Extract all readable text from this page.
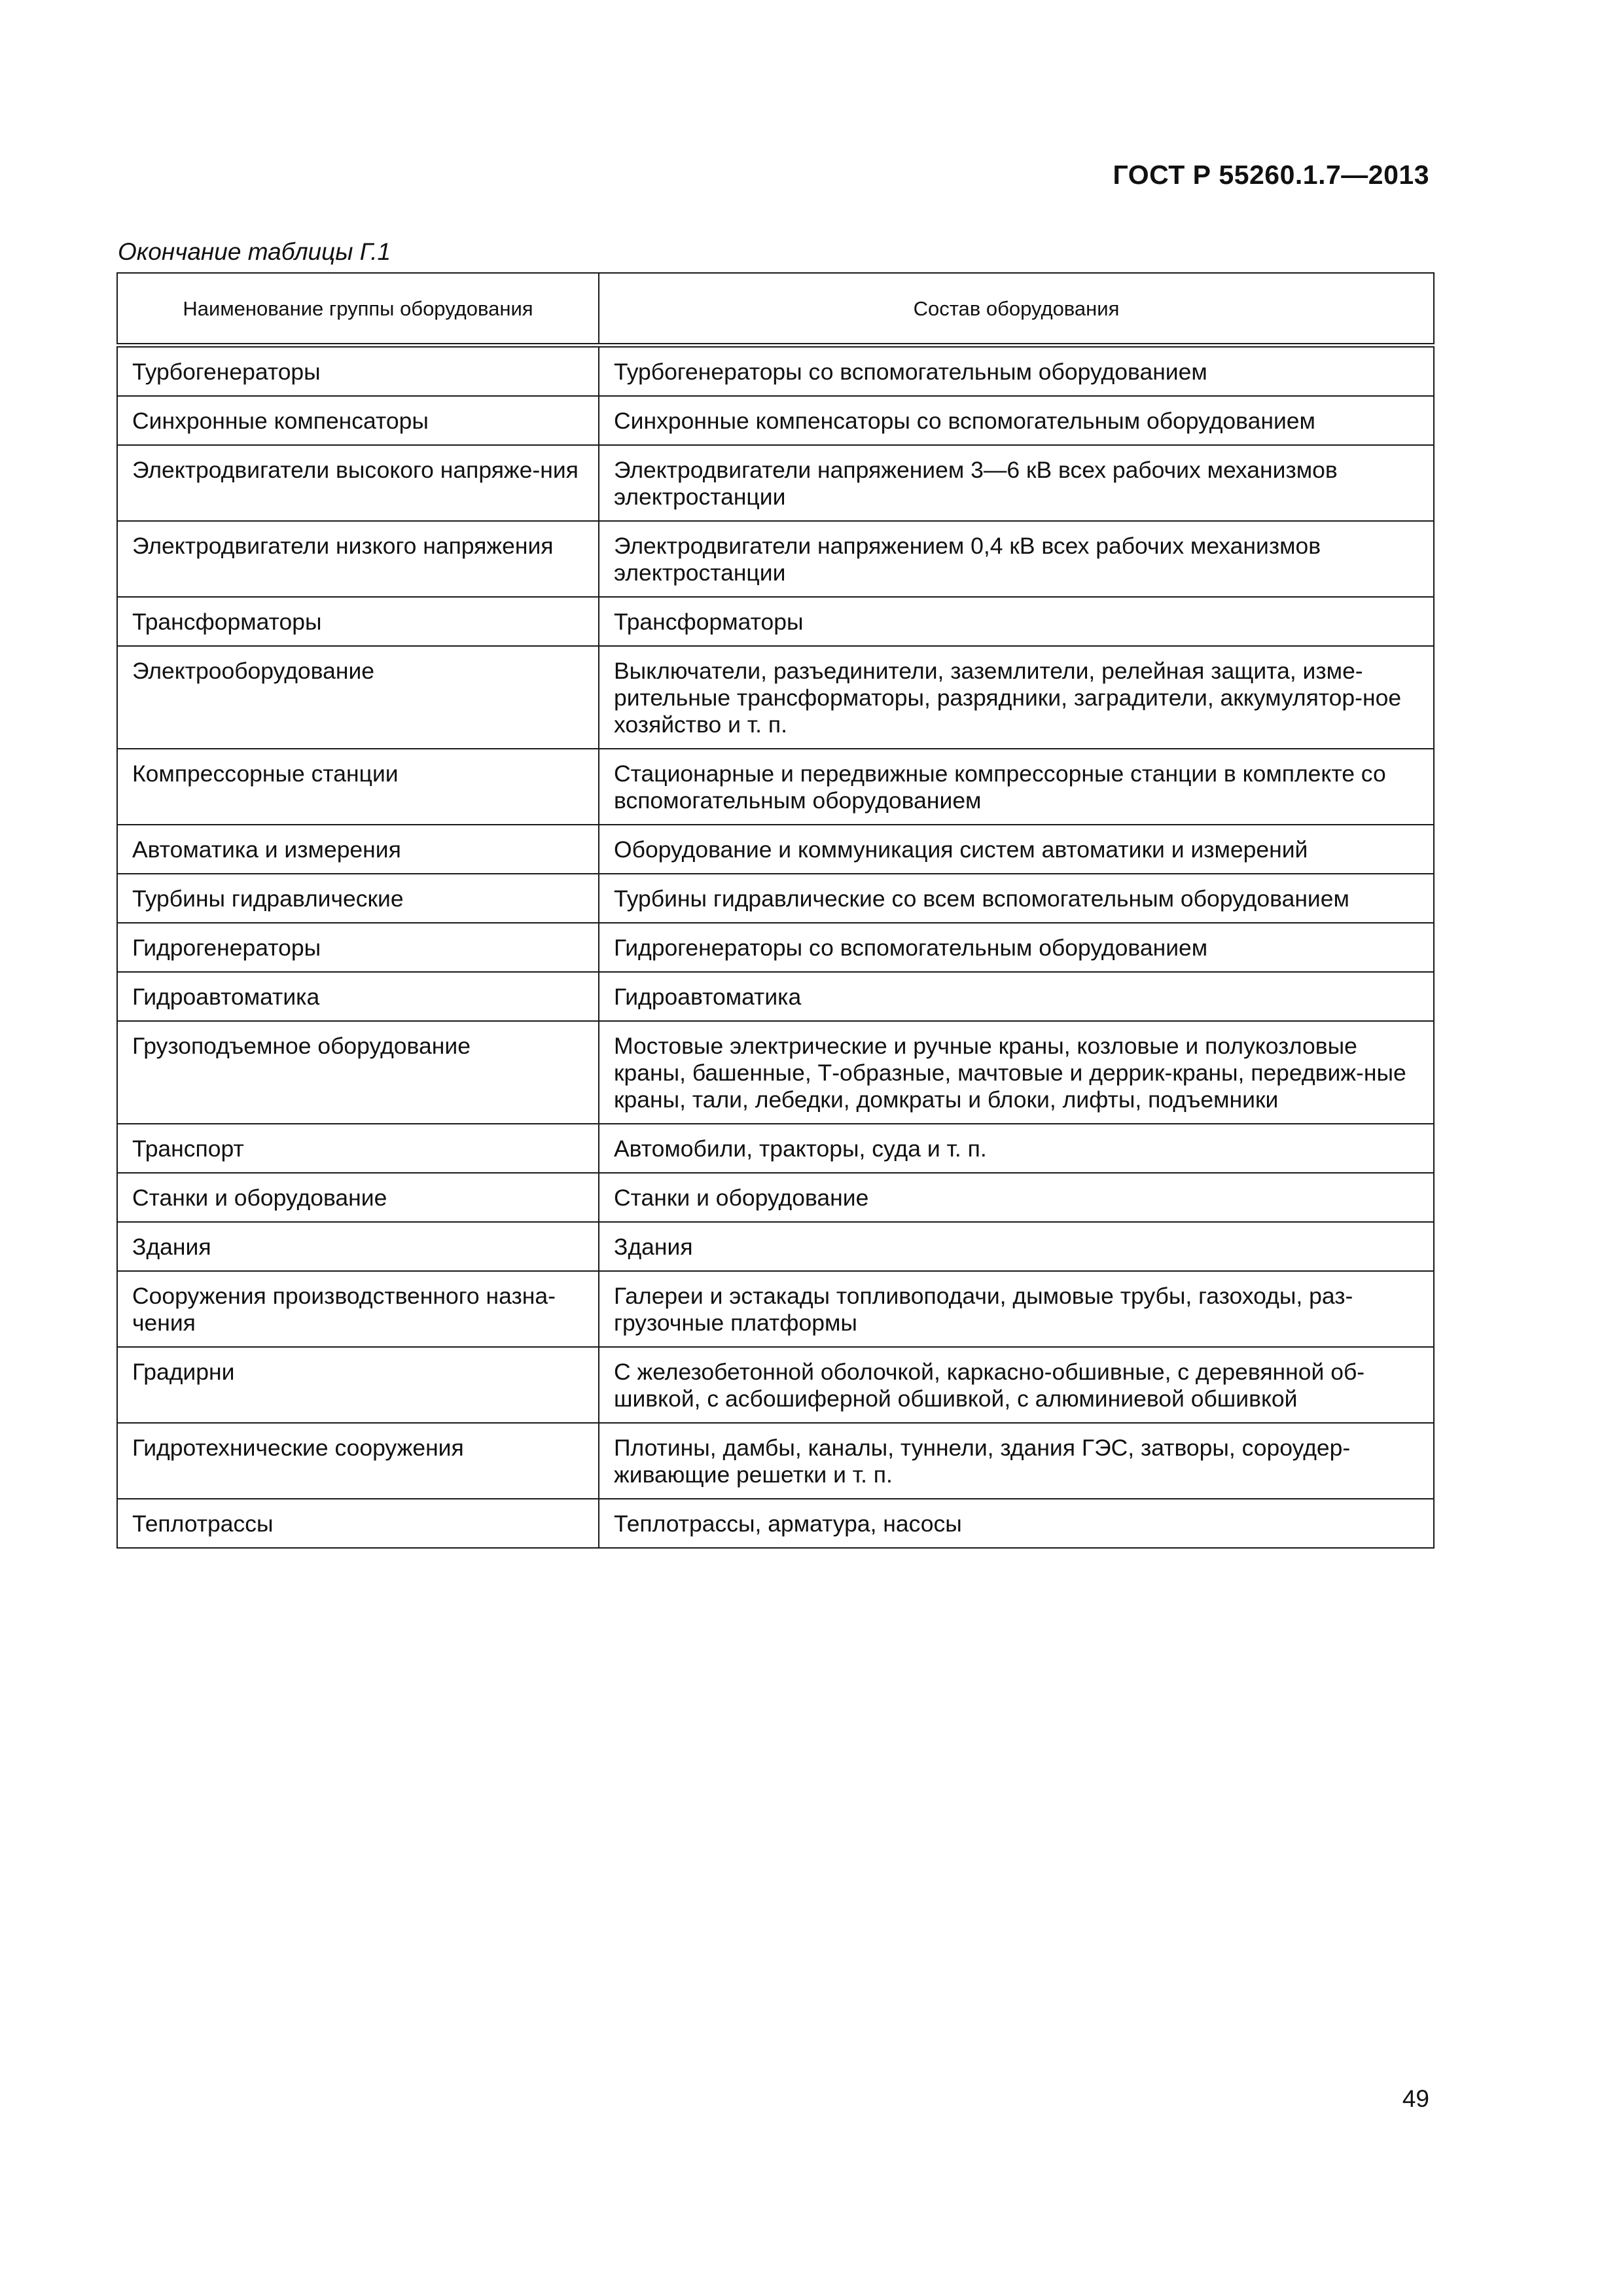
ГОСТ Р 55260.1.7—2013
Окончание таблицы Г.1
Наименование группы оборудования	Состав оборудования
Турбогенераторы	Турбогенераторы со вспомогательным оборудованием
Синхронные компенсаторы	Синхронные компенсаторы со вспомогательным оборудованием
Электродвигатели высокого напряже-ния	Электродвигатели напряжением 3—6 кВ всех рабочих механизмов электростанции
Электродвигатели низкого напряжения	Электродвигатели напряжением 0,4 кВ всех рабочих механизмов электростанции
Трансформаторы	Трансформаторы
Электрооборудование	Выключатели, разъединители, заземлители, релейная защита, изме-рительные трансформаторы, разрядники, заградители, аккумулятор-ное хозяйство и т. п.
Компрессорные станции	Стационарные и передвижные компрессорные станции в комплекте со вспомогательным оборудованием
Автоматика и измерения	Оборудование и коммуникация систем автоматики и измерений
Турбины гидравлические	Турбины гидравлические со всем вспомогательным оборудованием
Гидрогенераторы	Гидрогенераторы со вспомогательным оборудованием
Гидроавтоматика	Гидроавтоматика
Грузоподъемное оборудование	Мостовые электрические и ручные краны, козловые и полукозловые краны, башенные, Т-образные, мачтовые и деррик-краны, передвиж-ные краны, тали, лебедки, домкраты и блоки, лифты, подъемники
Транспорт	Автомобили, тракторы, суда и т. п.
Станки и оборудование	Станки и оборудование
Здания	Здания
Сооружения производственного назна-чения	Галереи и эстакады топливоподачи, дымовые трубы, газоходы, раз-грузочные платформы
Градирни	С железобетонной оболочкой, каркасно-обшивные, с деревянной об-шивкой, с асбошиферной обшивкой, с алюминиевой обшивкой
Гидротехнические сооружения	Плотины, дамбы, каналы, туннели, здания ГЭС, затворы, сороудер-живающие решетки и т. п.
Теплотрассы	Теплотрассы, арматура, насосы
49
